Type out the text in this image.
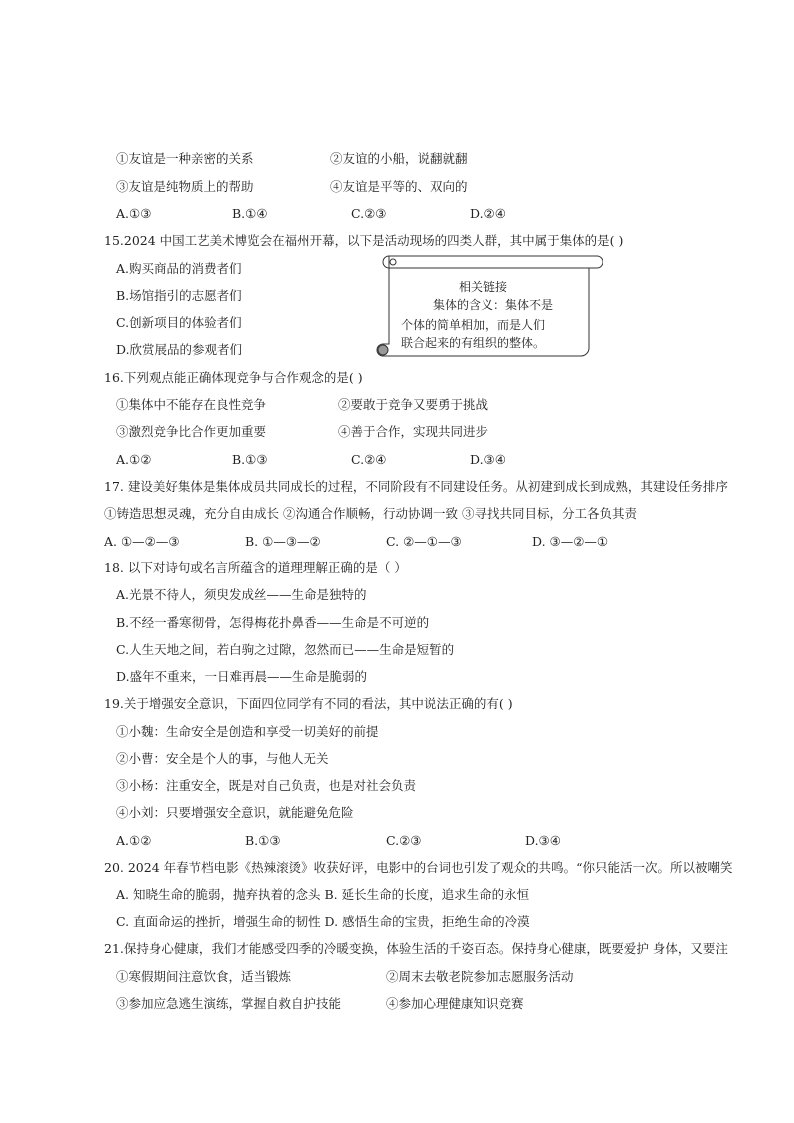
①友谊是一种亲密的关系	②友谊的小船，说翻就翻
③友谊是纯物质上的帮助	④友谊是平等的、双向的
A.①③	B.①④	C.②③	D.②④
15.2024 中国工艺美术博览会在福州开幕，以下是活动现场的四类人群，其中属于集体的是( )
A.购买商品的消费者们
B.场馆指引的志愿者们
C.创新项目的体验者们
D.欣赏展品的参观者们
相关链接
集体的含义：集体不是
个体的简单相加，而是人们
联合起来的有组织的整体。
16.下列观点能正确体现竞争与合作观念的是( )
①集体中不能存在良性竞争	②要敢于竞争又要勇于挑战
③激烈竞争比合作更加重要	④善于合作，实现共同进步
A.①②	B.①③	C.②④	D.③④
17. 建设美好集体是集体成员共同成长的过程，不同阶段有不同建设任务。从初建到成长到成熟，其建设任务排序
①铸造思想灵魂，充分自由成长 ②沟通合作顺畅，行动协调一致 ③寻找共同目标，分工各负其责
A. ①—②—③	B. ①—③—②	C. ②—①—③	D. ③—②—①
18. 以下对诗句或名言所蕴含的道理理解正确的是（ ）
A.光景不待人，须臾发成丝——生命是独特的
B.不经一番寒彻骨，怎得梅花扑鼻香——生命是不可逆的
C.人生天地之间，若白驹之过隙，忽然而已——生命是短暂的
D.盛年不重来，一日难再晨——生命是脆弱的
19.关于增强安全意识，下面四位同学有不同的看法，其中说法正确的有( )
①小魏：生命安全是创造和享受一切美好的前提
②小曹：安全是个人的事，与他人无关
③小杨：注重安全，既是对自己负责，也是对社会负责
④小刘：只要增强安全意识，就能避免危险
A.①②	B.①③	C.②③	D.③④
20. 2024 年春节档电影《热辣滚烫》收获好评，电影中的台词也引发了观众的共鸣。“你只能活一次。所以被嘲笑
A. 知晓生命的脆弱，抛弃执着的念头 B. 延长生命的长度，追求生命的永恒
C. 直面命运的挫折，增强生命的韧性 D. 感悟生命的宝贵，拒绝生命的冷漠
21.保持身心健康，我们才能感受四季的冷暖变换，体验生活的千姿百态。保持身心健康，既要爱护 身体，又要注
①寒假期间注意饮食，适当锻炼	②周末去敬老院参加志愿服务活动
③参加应急逃生演练，掌握自救自护技能	④参加心理健康知识竞赛
